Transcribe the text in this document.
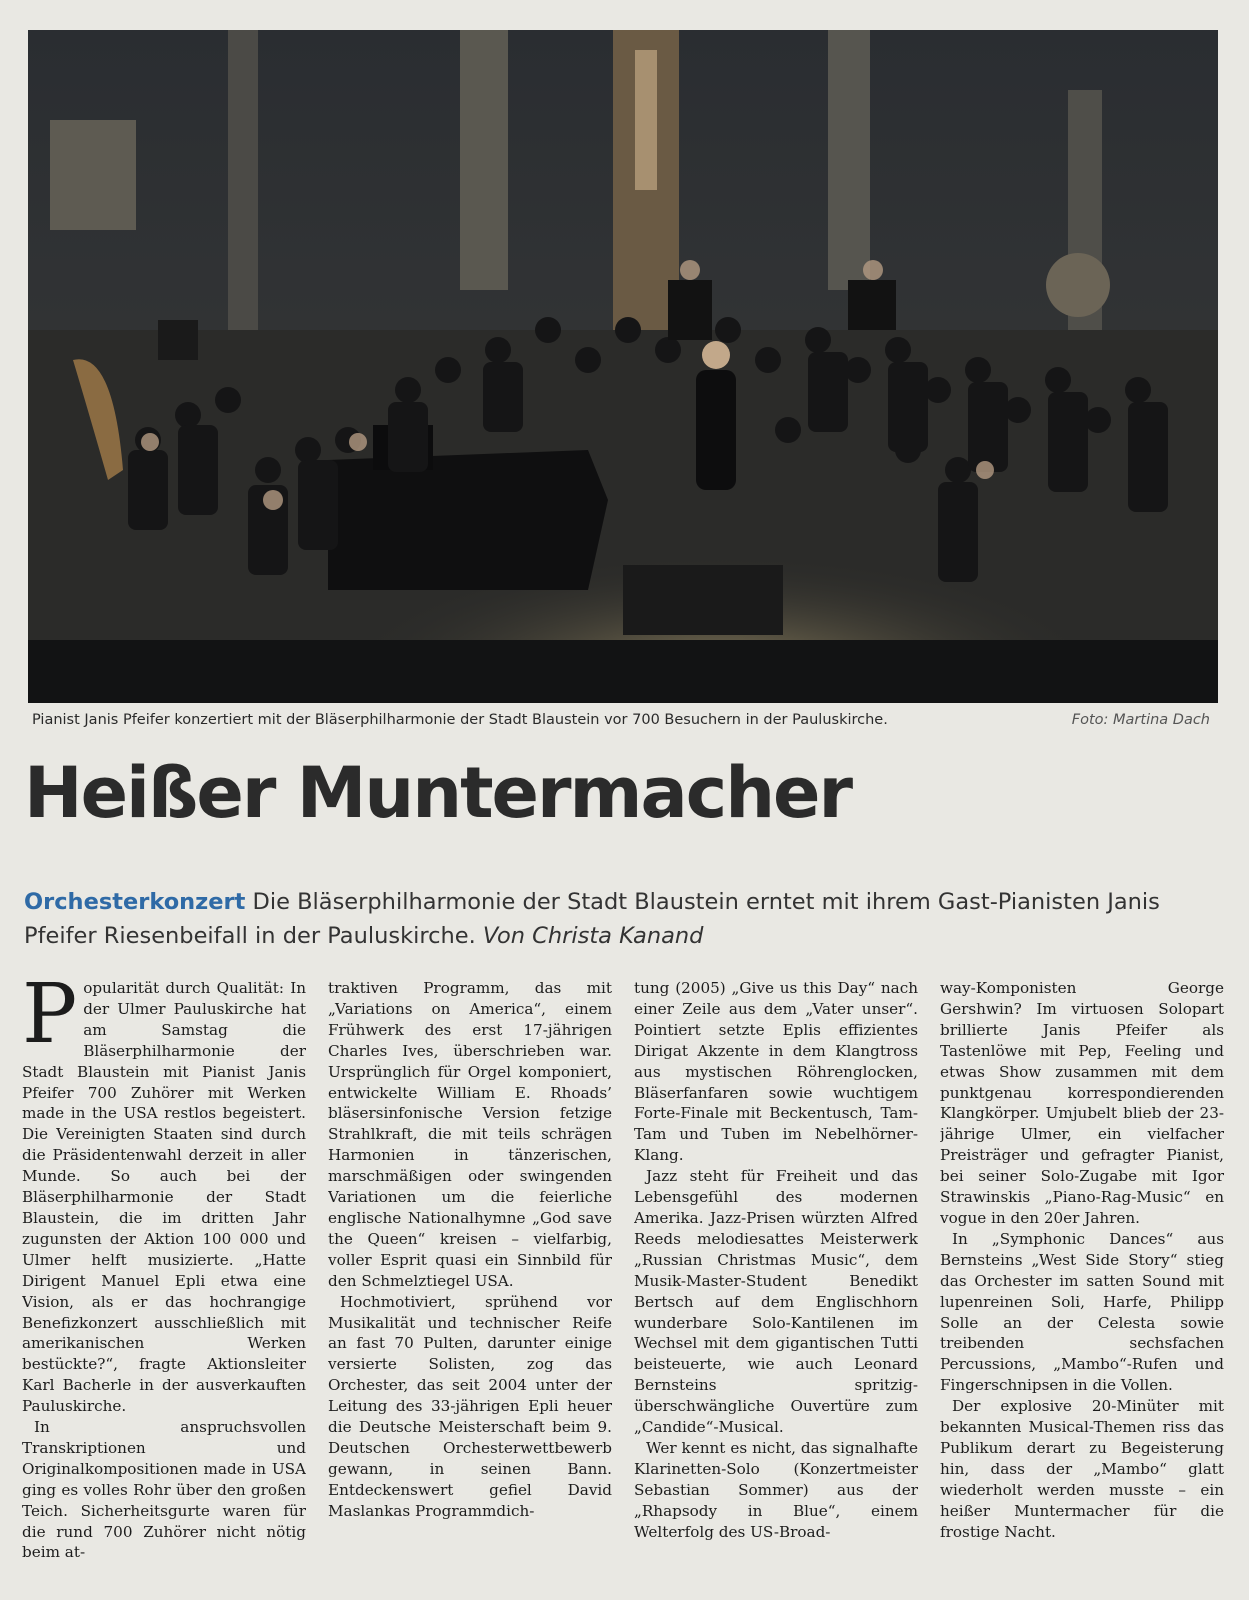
Pianist Janis Pfeifer konzertiert mit der Bläserphilharmonie der Stadt Blaustein vor 700 Besuchern in der Pauluskirche.	Foto: Martina Dach
Heißer Muntermacher

Orchesterkonzert Die Bläserphilharmonie der Stadt Blaustein erntet mit ihrem Gast-Pianisten Janis Pfeifer Riesenbeifall in der Pauluskirche. Von Christa Kanand

Popularität durch Qualität: In der Ulmer Pauluskirche hat am Samstag die Bläserphilharmonie der Stadt Blaustein mit Pianist Janis Pfeifer 700 Zuhörer mit Werken made in the USA restlos begeistert. Die Vereinigten Staaten sind durch die Präsidentenwahl derzeit in aller Munde. So auch bei der Bläserphilharmonie der Stadt Blaustein, die im dritten Jahr zugunsten der Aktion 100 000 und Ulmer helft musizierte. „Hatte Dirigent Manuel Epli etwa eine Vision, als er das hochrangige Benefizkonzert ausschließlich mit amerikanischen Werken bestückte?“, fragte Aktionsleiter Karl Bacherle in der ausverkauften Pauluskirche.

In anspruchsvollen Transkriptionen und Originalkompositionen made in USA ging es volles Rohr über den großen Teich. Sicherheitsgurte waren für die rund 700 Zuhörer nicht nötig beim at-

traktiven Programm, das mit „Variations on America“, einem Frühwerk des erst 17-jährigen Charles Ives, überschrieben war. Ursprünglich für Orgel komponiert, entwickelte William E. Rhoads’ bläsersinfonische Version fetzige Strahlkraft, die mit teils schrägen Harmonien in tänzerischen, marschmäßigen oder swingenden Variationen um die feierliche englische Nationalhymne „God save the Queen“ kreisen – vielfarbig, voller Esprit quasi ein Sinnbild für den Schmelztiegel USA.

Hochmotiviert, sprühend vor Musikalität und technischer Reife an fast 70 Pulten, darunter einige versierte Solisten, zog das Orchester, das seit 2004 unter der Leitung des 33-jährigen Epli heuer die Deutsche Meisterschaft beim 9. Deutschen Orchesterwettbewerb gewann, in seinen Bann. Entdeckenswert gefiel David Maslankas Programmdich-

tung (2005) „Give us this Day“ nach einer Zeile aus dem „Vater unser“. Pointiert setzte Eplis effizientes Dirigat Akzente in dem Klangtross aus mystischen Röhrenglocken, Bläserfanfaren sowie wuchtigem Forte-Finale mit Beckentusch, Tam-Tam und Tuben im Nebelhörner-Klang.

Jazz steht für Freiheit und das Lebensgefühl des modernen Amerika. Jazz-Prisen würzten Alfred Reeds melodiesattes Meisterwerk „Russian Christmas Music“, dem Musik-Master-Student Benedikt Bertsch auf dem Englischhorn wunderbare Solo-Kantilenen im Wechsel mit dem gigantischen Tutti beisteuerte, wie auch Leonard Bernsteins spritzig-überschwängliche Ouvertüre zum „Candide“-Musical.

Wer kennt es nicht, das signalhafte Klarinetten-Solo (Konzertmeister Sebastian Sommer) aus der „Rhapsody in Blue“, einem Welterfolg des US-Broad-

way-Komponisten George Gershwin? Im virtuosen Solopart brillierte Janis Pfeifer als Tastenlöwe mit Pep, Feeling und etwas Show zusammen mit dem punktgenau korrespondierenden Klangkörper. Umjubelt blieb der 23-jährige Ulmer, ein vielfacher Preisträger und gefragter Pianist, bei seiner Solo-Zugabe mit Igor Strawinskis „Piano-Rag-Music“ en vogue in den 20er Jahren.

In „Symphonic Dances“ aus Bernsteins „West Side Story“ stieg das Orchester im satten Sound mit lupenreinen Soli, Harfe, Philipp Solle an der Celesta sowie treibenden sechsfachen Percussions, „Mambo“-Rufen und Fingerschnipsen in die Vollen.

Der explosive 20-Minüter mit bekannten Musical-Themen riss das Publikum derart zu Begeisterung hin, dass der „Mambo“ glatt wiederholt werden musste – ein heißer Muntermacher für die frostige Nacht.
